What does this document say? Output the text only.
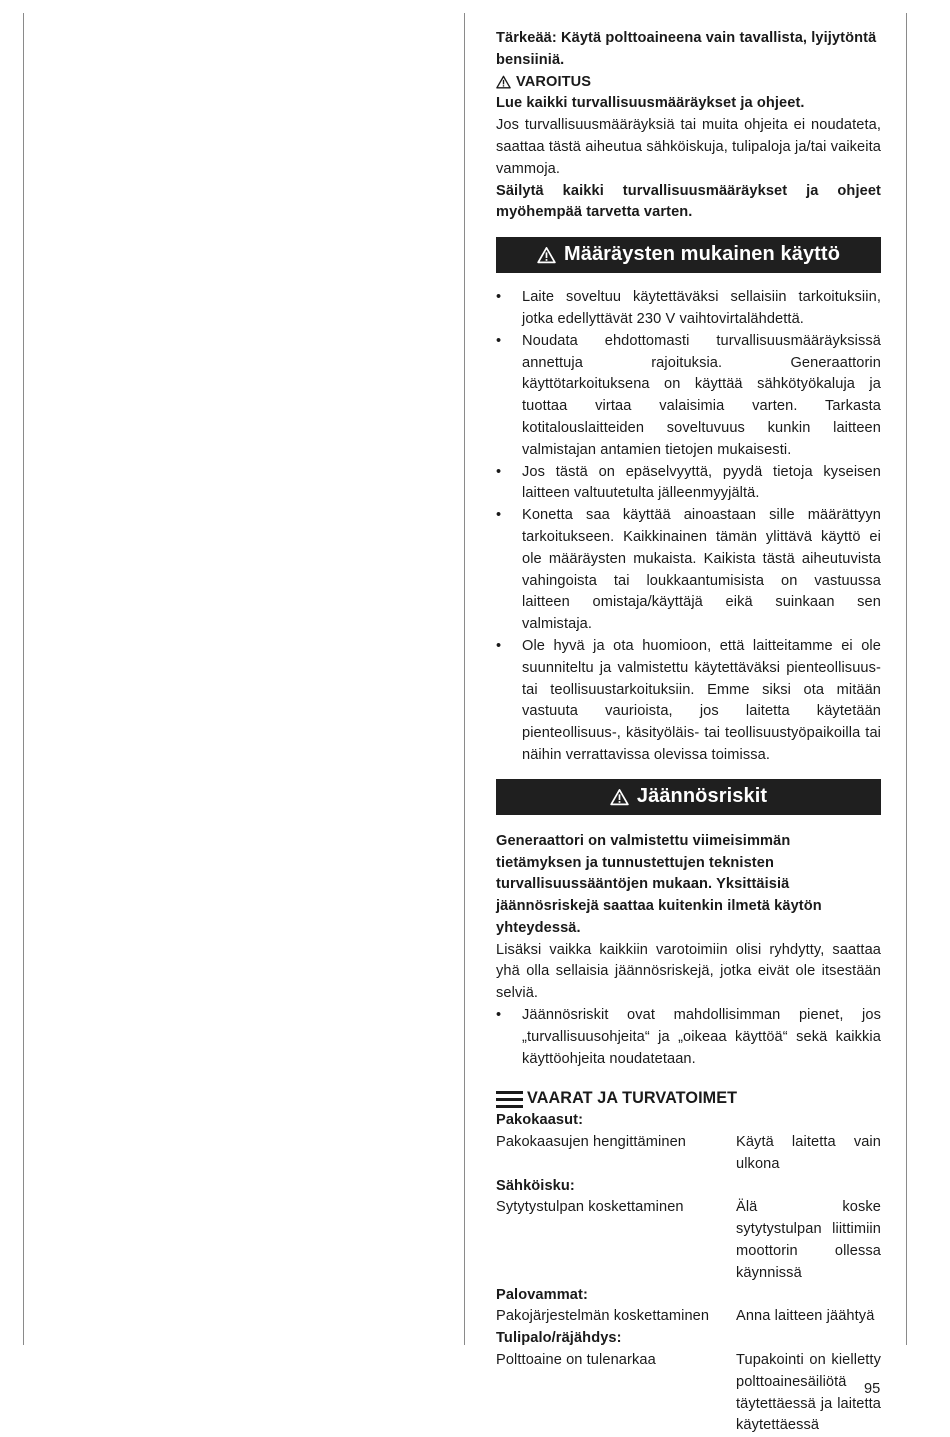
Tärkeää: Käytä polttoaineena vain tavallista, lyijytöntä bensiiniä.

VAROITUS

Lue kaikki turvallisuusmääräykset ja ohjeet.

Jos turvallisuusmääräyksiä tai muita ohjeita ei noudateta, saattaa tästä aiheutua sähköiskuja, tulipaloja ja/tai vaikeita vammoja.

Säilytä kaikki turvallisuusmääräykset ja ohjeet myöhempää tarvetta varten.

Määräysten mukainen käyttö
•	Laite soveltuu käytettäväksi sellaisiin tarkoituksiin, jotka edellyttävät 230 V vaihtovirtalähdettä.
•	Noudata ehdottomasti turvallisuusmääräyksissä annettuja rajoituksia. Generaattorin käyttötarkoituksena on käyttää sähkötyökaluja ja tuottaa virtaa valaisimia varten. Tarkasta kotitalouslaitteiden soveltuvuus kunkin laitteen valmistajan antamien tietojen mukaisesti.
•	Jos tästä on epäselvyyttä, pyydä tietoja kyseisen laitteen valtuutetulta jälleenmyyjältä.
•	Konetta saa käyttää ainoastaan sille määrättyyn tarkoitukseen. Kaikkinainen tämän ylittävä käyttö ei ole määräysten mukaista. Kaikista tästä aiheutuvista vahingoista tai loukkaantumisista on vastuussa laitteen omistaja/käyttäjä eikä suinkaan sen valmistaja.
•	Ole hyvä ja ota huomioon, että laitteitamme ei ole suunniteltu ja valmistettu käytettäväksi pienteollisuus- tai teollisuustarkoituksiin. Emme siksi ota mitään vastuuta vaurioista, jos laitetta käytetään pienteollisuus-, käsityöläis- tai teollisuustyöpaikoilla tai näihin verrattavissa olevissa toimissa.
Jäännösriskit

Generaattori on valmistettu viimeisimmän tietämyksen ja tunnustettujen teknisten turvallisuussääntöjen mukaan. Yksittäisiä jäännösriskejä saattaa kuitenkin ilmetä käytön yhteydessä.

Lisäksi vaikka kaikkiin varotoimiin olisi ryhdytty, saattaa yhä olla sellaisia jäännösriskejä, jotka eivät ole itsestään selviä.

•	Jäännösriskit ovat mahdollisimman pienet, jos „turvallisuusohjeita“ ja „oikeaa käyttöä“ sekä kaikkia käyttöohjeita noudatetaan.
VAARAT JA TURVATOIMET

Pakokaasut:

Pakokaasujen hengittäminen	Käytä laitetta vain ulkona

Sähköisku:

Sytytystulpan koskettaminen	Älä koske sytytystulpan liittimiin moottorin ollessa käynnissä

Palovammat:

Pakojärjestelmän koskettaminen	Anna laitteen jäähtyä

Tulipalo/räjähdys:

Polttoaine on tulenarkaa	Tupakointi on kielletty polttoainesäiliötä täytettäessä ja laitetta käytettäessä
95
